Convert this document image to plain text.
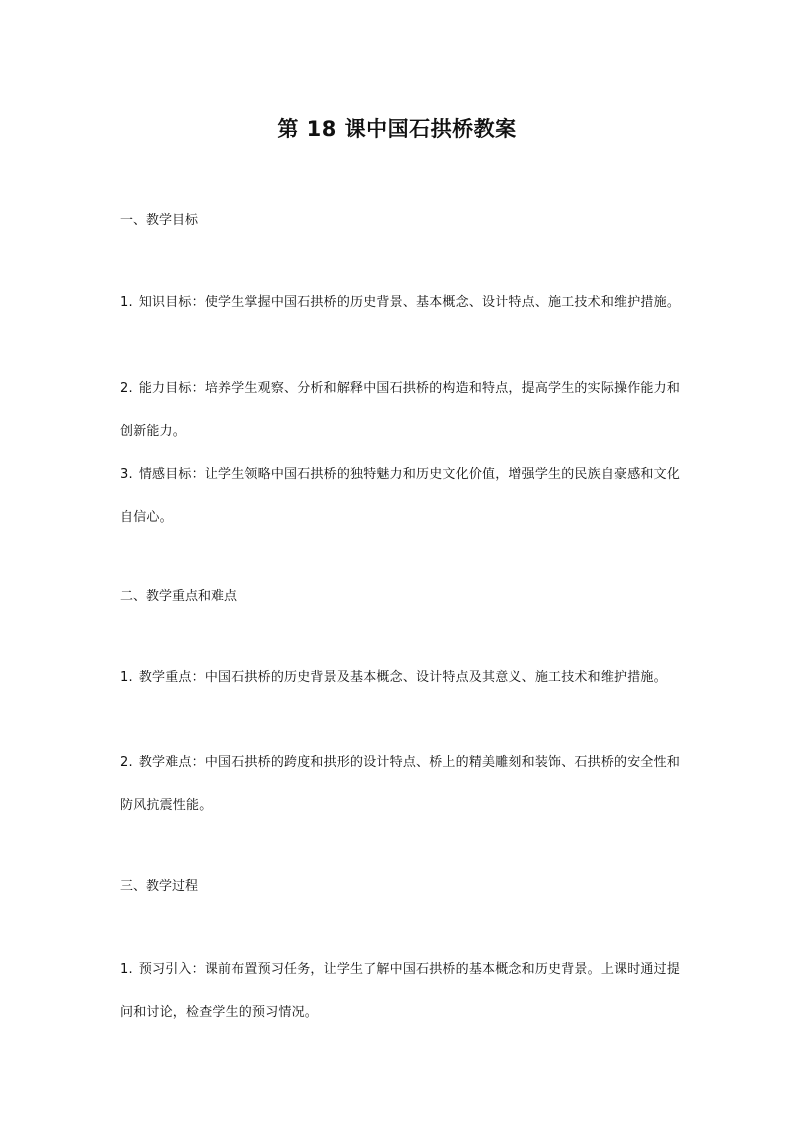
第 18 课中国石拱桥教案
一、教学目标
1. 知识目标：使学生掌握中国石拱桥的历史背景、基本概念、设计特点、施工技术和维护措施。
2. 能力目标：培养学生观察、分析和解释中国石拱桥的构造和特点，提高学生的实际操作能力和创新能力。
3. 情感目标：让学生领略中国石拱桥的独特魅力和历史文化价值，增强学生的民族自豪感和文化自信心。
二、教学重点和难点
1. 教学重点：中国石拱桥的历史背景及基本概念、设计特点及其意义、施工技术和维护措施。
2. 教学难点：中国石拱桥的跨度和拱形的设计特点、桥上的精美雕刻和装饰、石拱桥的安全性和防风抗震性能。
三、教学过程
1. 预习引入：课前布置预习任务，让学生了解中国石拱桥的基本概念和历史背景。上课时通过提问和讨论，检查学生的预习情况。
